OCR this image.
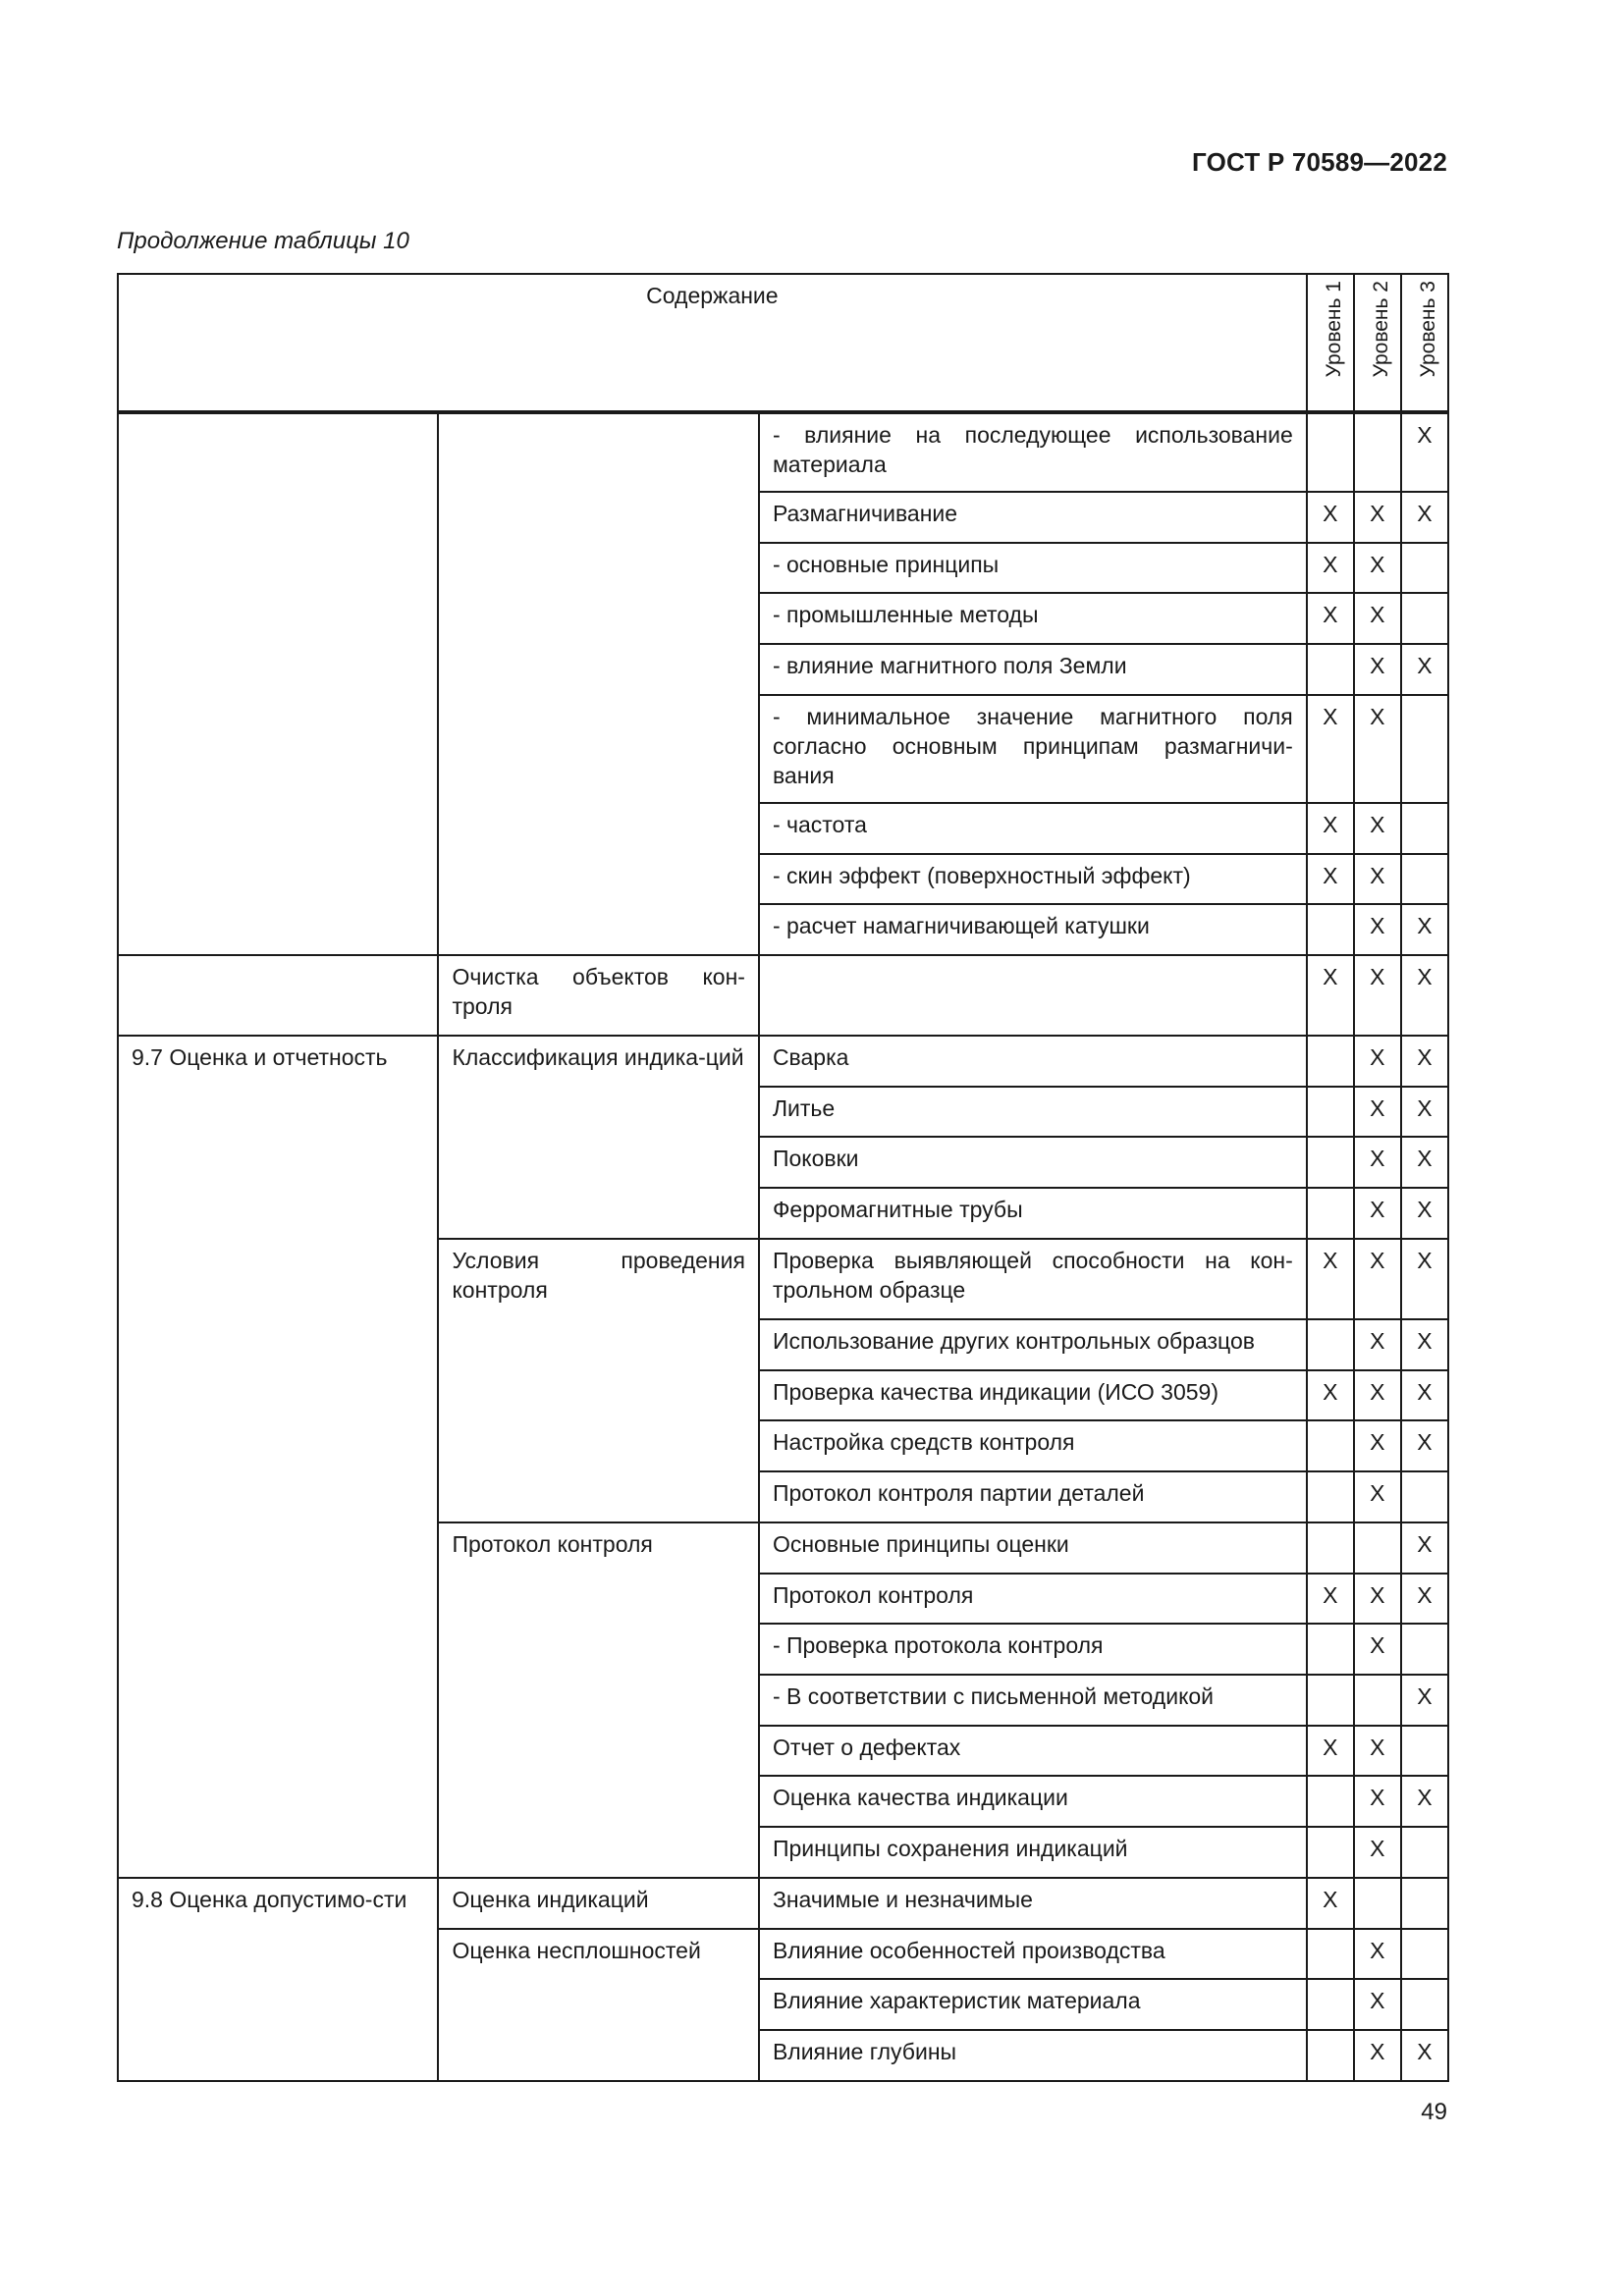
ГОСТ Р 70589—2022
Продолжение таблицы 10
Содержание			Уровень 1	Уровень 2	Уровень 3

		- влияние на последующее использование материала			X
		Размагничивание	X	X	X
		- основные принципы	X	X	
		- промышленные методы	X	X	
		- влияние магнитного поля Земли		X	X
		- минимальное значение магнитного поля согласно основным принципам размагничи-вания	X	X	
		- частота	X	X	
		- скин эффект (поверхностный эффект)	X	X	
		- расчет намагничивающей катушки		X	X
	Очистка объектов кон-троля		X	X	X
9.7 Оценка и отчетность	Классификация индика-ций	Сварка		X	X
		Литье		X	X
		Поковки		X	X
		Ферромагнитные трубы		X	X
	Условия проведения контроля	Проверка выявляющей способности на кон-трольном образце	X	X	X
		Использование других контрольных образцов		X	X
		Проверка качества индикации (ИСО 3059)	X	X	X
		Настройка средств контроля		X	X
		Протокол контроля партии деталей		X	
	Протокол контроля	Основные принципы оценки			X
		Протокол контроля	X	X	X
		- Проверка протокола контроля		X	
		- В соответствии с письменной методикой			X
		Отчет о дефектах	X	X	
		Оценка качества индикации		X	X
		Принципы сохранения индикаций		X	
9.8 Оценка допустимо-сти	Оценка индикаций	Значимые и незначимые	X		
	Оценка несплошностей	Влияние особенностей производства		X	
		Влияние характеристик материала		X	
		Влияние глубины		X	X
49
